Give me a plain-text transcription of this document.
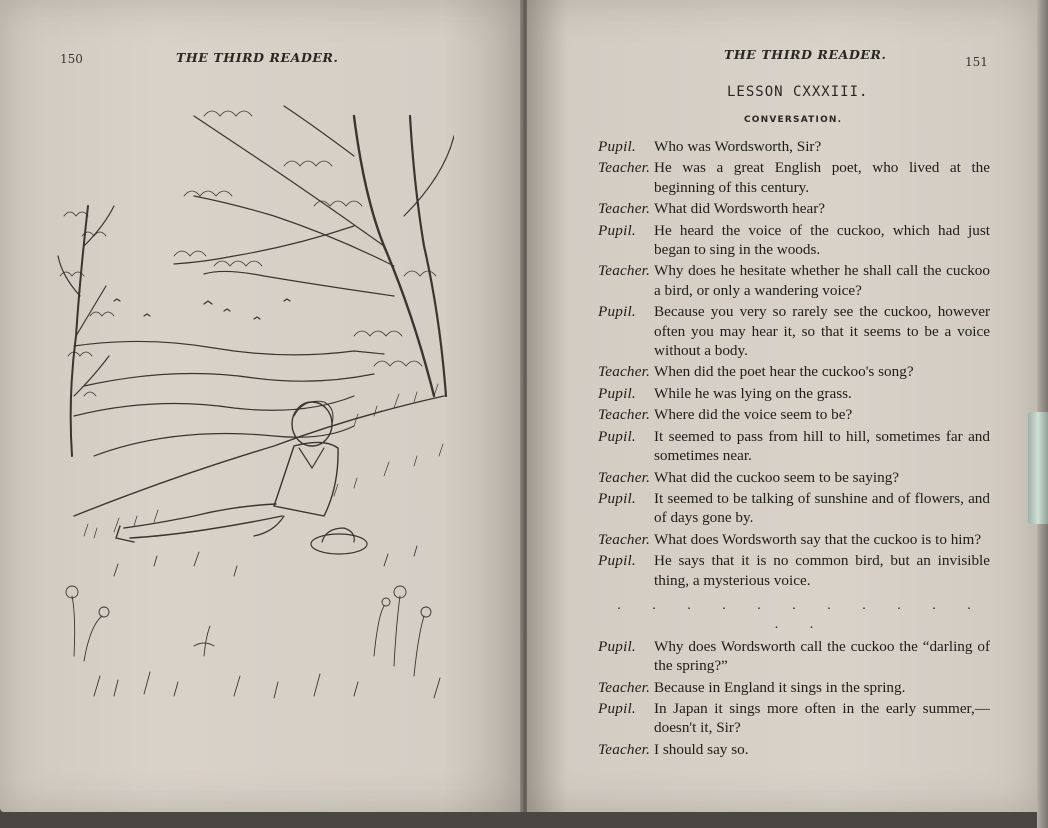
150	THE THIRD READER.	THE THIRD READER.	151
LESSON CXXXIII.
CONVERSATION.
Pupil. Who was Wordsworth, Sir?
Teacher. He was a great English poet, who lived at the beginning of this century.
Teacher. What did Wordsworth hear?
Pupil. He heard the voice of the cuckoo, which had just began to sing in the woods.
Teacher. Why does he hesitate whether he shall call the cuckoo a bird, or only a wandering voice?
Pupil. Because you very so rarely see the cuckoo, however often you may hear it, so that it seems to be a voice without a body.
Teacher. When did the poet hear the cuckoo's song?
Pupil. While he was lying on the grass.
Teacher. Where did the voice seem to be?
Pupil. It seemed to pass from hill to hill, sometimes far and sometimes near.
Teacher. What did the cuckoo seem to be saying?
Pupil. It seemed to be talking of sunshine and of flowers, and of days gone by.
Teacher. What does Wordsworth say that the cuckoo is to him?
Pupil. He says that it is no common bird, but an invisible thing, a mysterious voice.
. . . . . . . . . . . . .
Pupil. Why does Wordsworth call the cuckoo the “darling of the spring?”
Teacher. Because in England it sings in the spring.
Pupil. In Japan it sings more often in the early summer,—doesn't it, Sir?
Teacher. I should say so.
